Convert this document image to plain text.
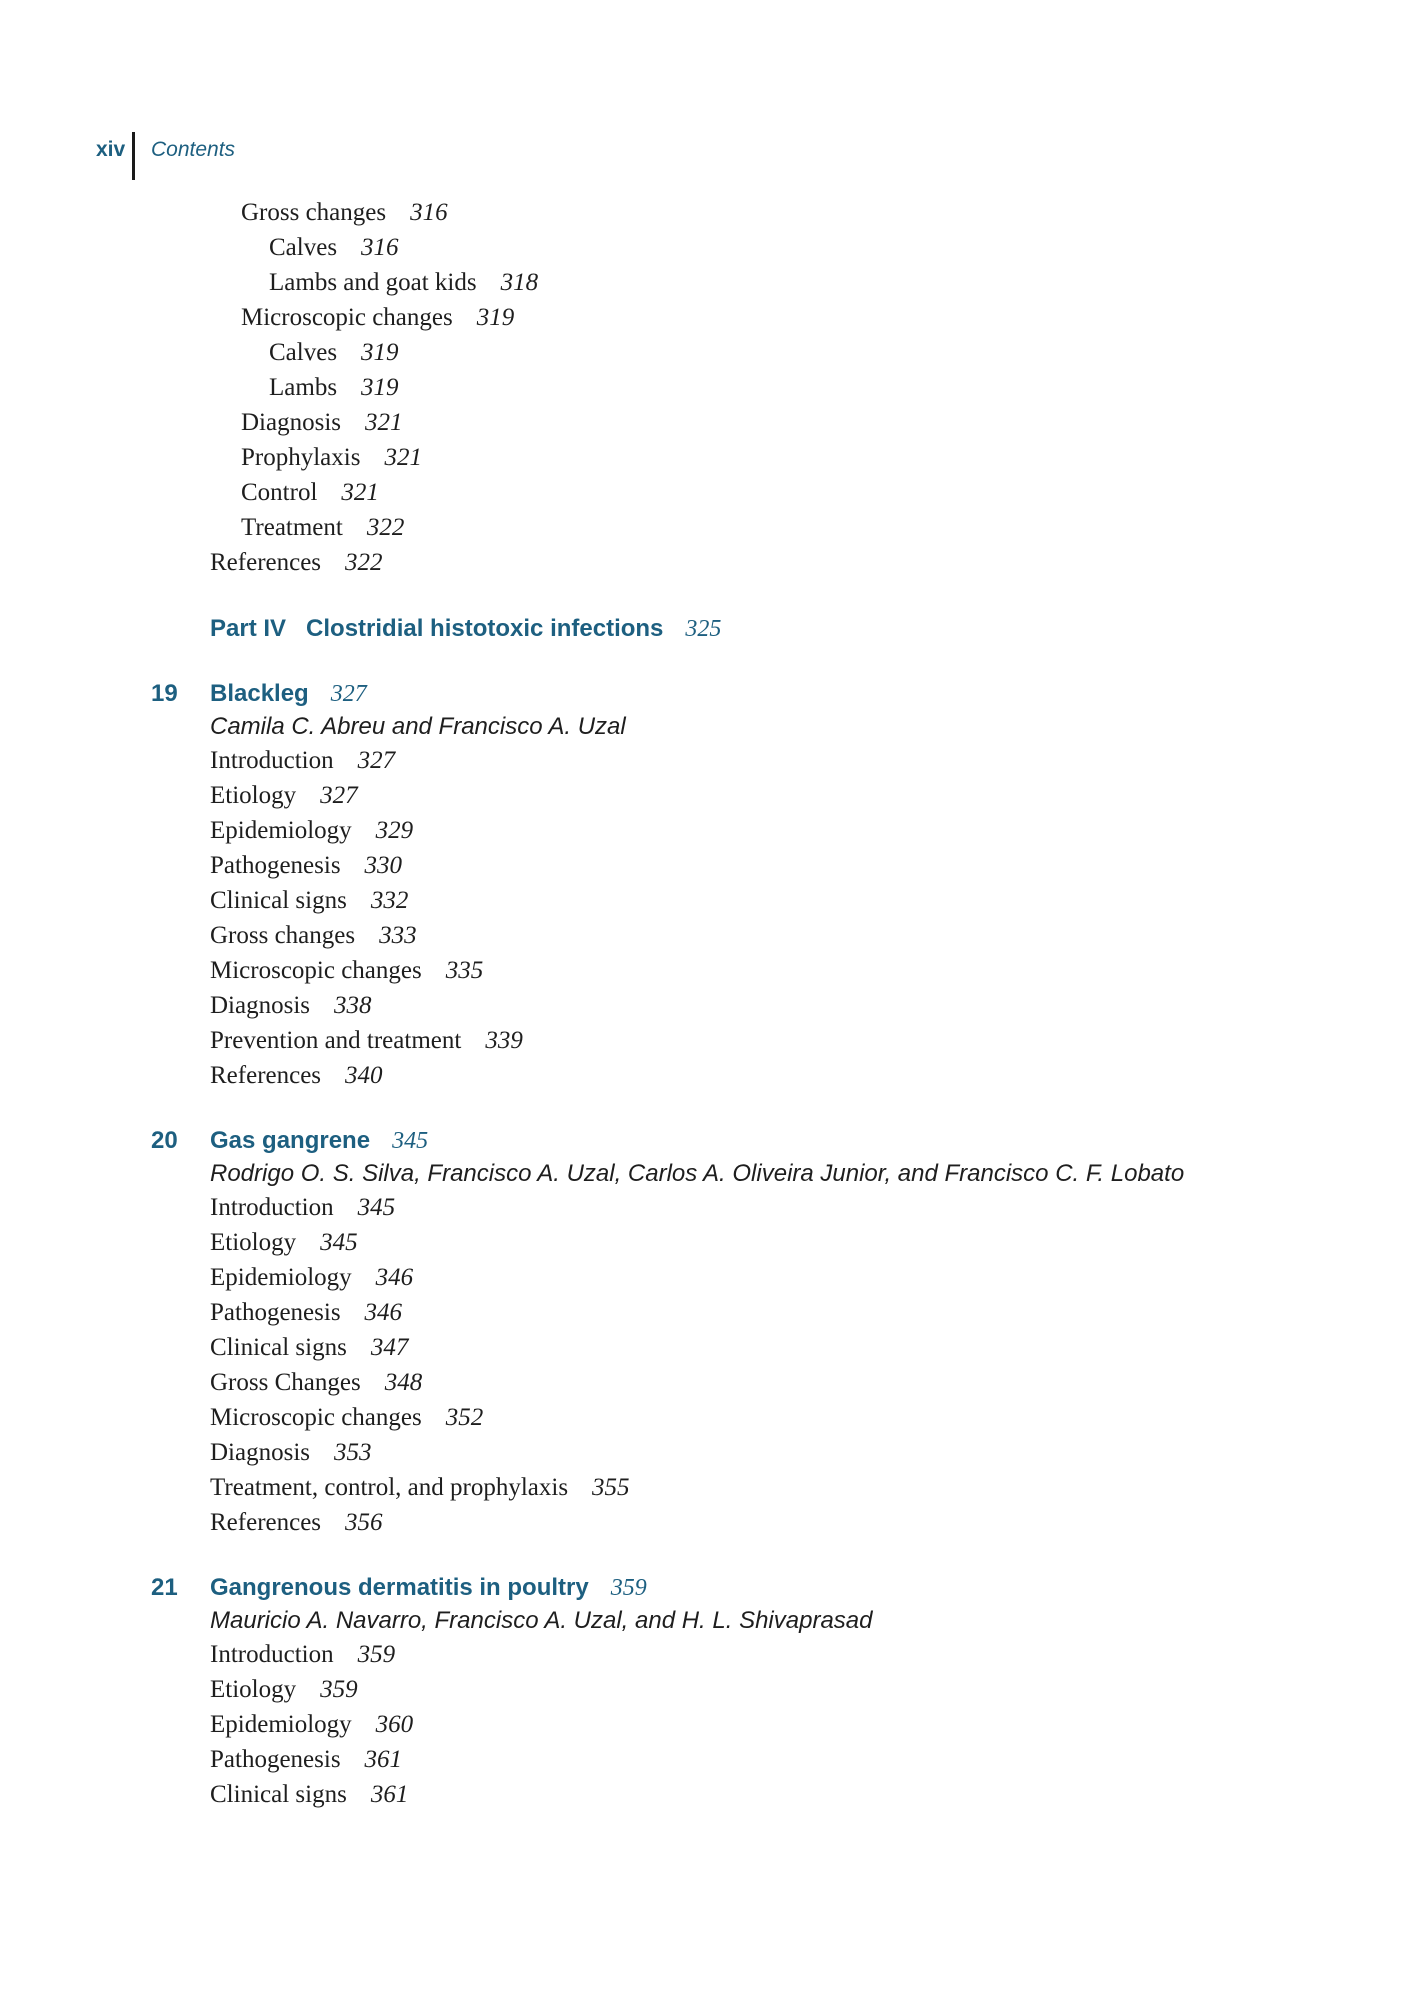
xiv Contents
Gross changes 316
Calves 316
Lambs and goat kids 318
Microscopic changes 319
Calves 319
Lambs 319
Diagnosis 321
Prophylaxis 321
Control 321
Treatment 322
References 322
Part IV Clostridial histotoxic infections 325
19 Blackleg 327
Camila C. Abreu and Francisco A. Uzal
Introduction 327
Etiology 327
Epidemiology 329
Pathogenesis 330
Clinical signs 332
Gross changes 333
Microscopic changes 335
Diagnosis 338
Prevention and treatment 339
References 340
20 Gas gangrene 345
Rodrigo O. S. Silva, Francisco A. Uzal, Carlos A. Oliveira Junior, and Francisco C. F. Lobato
Introduction 345
Etiology 345
Epidemiology 346
Pathogenesis 346
Clinical signs 347
Gross Changes 348
Microscopic changes 352
Diagnosis 353
Treatment, control, and prophylaxis 355
References 356
21 Gangrenous dermatitis in poultry 359
Mauricio A. Navarro, Francisco A. Uzal, and H. L. Shivaprasad
Introduction 359
Etiology 359
Epidemiology 360
Pathogenesis 361
Clinical signs 361
